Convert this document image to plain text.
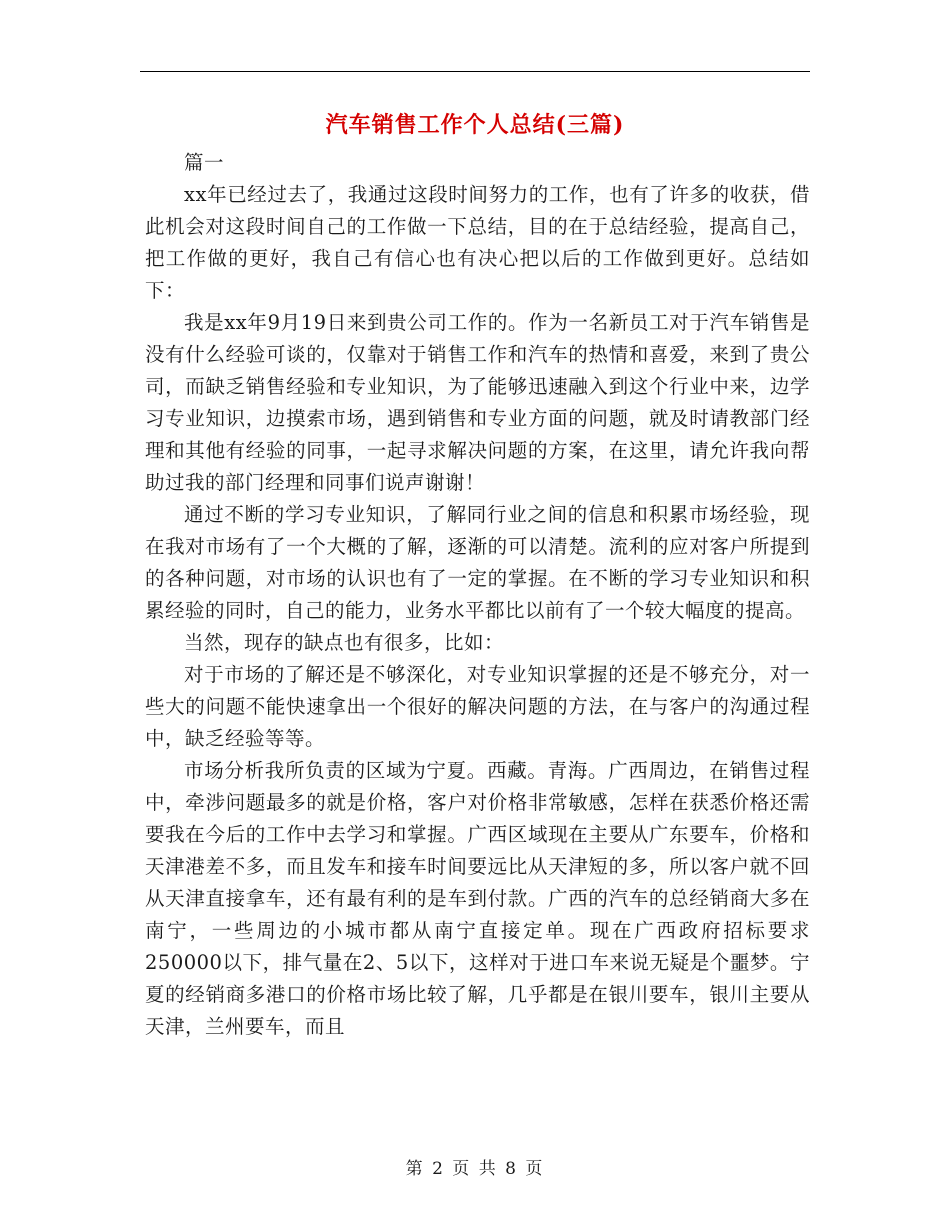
汽车销售工作个人总结(三篇)

篇一

xx年已经过去了，我通过这段时间努力的工作，也有了许多的收获，借此机会对这段时间自己的工作做一下总结，目的在于总结经验，提高自己，把工作做的更好，我自己有信心也有决心把以后的工作做到更好。总结如下：

我是xx年9月19日来到贵公司工作的。作为一名新员工对于汽车销售是没有什么经验可谈的，仅靠对于销售工作和汽车的热情和喜爱，来到了贵公司，而缺乏销售经验和专业知识，为了能够迅速融入到这个行业中来，边学习专业知识，边摸索市场，遇到销售和专业方面的问题，就及时请教部门经理和其他有经验的同事，一起寻求解决问题的方案，在这里，请允许我向帮助过我的部门经理和同事们说声谢谢！

通过不断的学习专业知识，了解同行业之间的信息和积累市场经验，现在我对市场有了一个大概的了解，逐渐的可以清楚。流利的应对客户所提到的各种问题，对市场的认识也有了一定的掌握。在不断的学习专业知识和积累经验的同时，自己的能力，业务水平都比以前有了一个较大幅度的提高。

当然，现存的缺点也有很多，比如：

对于市场的了解还是不够深化，对专业知识掌握的还是不够充分，对一些大的问题不能快速拿出一个很好的解决问题的方法，在与客户的沟通过程中，缺乏经验等等。

市场分析我所负责的区域为宁夏。西藏。青海。广西周边，在销售过程中，牵涉问题最多的就是价格，客户对价格非常敏感，怎样在获悉价格还需要我在今后的工作中去学习和掌握。广西区域现在主要从广东要车，价格和天津港差不多，而且发车和接车时间要远比从天津短的多，所以客户就不回从天津直接拿车，还有最有利的是车到付款。广西的汽车的总经销商大多在南宁，一些周边的小城市都从南宁直接定单。现在广西政府招标要求250000以下，排气量在2、5以下，这样对于进口车来说无疑是个噩梦。宁夏的经销商多港口的价格市场比较了解，几乎都是在银川要车，银川主要从天津，兰州要车，而且

第 2 页 共 8 页
